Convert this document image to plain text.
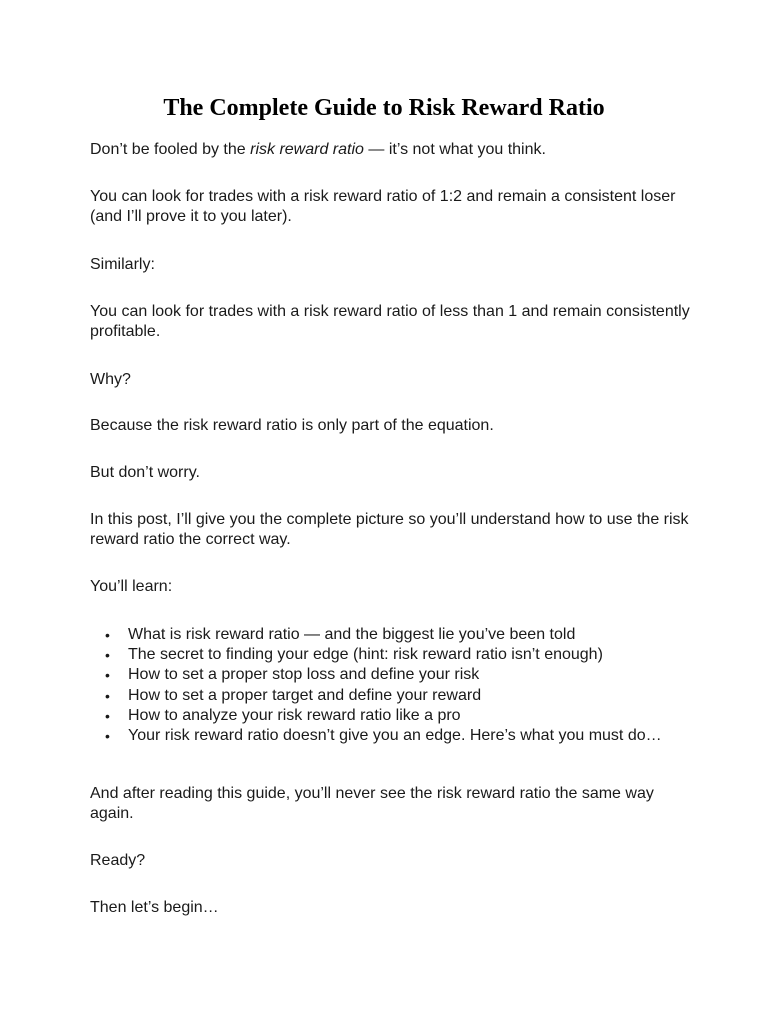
The Complete Guide to Risk Reward Ratio

Don’t be fooled by the risk reward ratio — it’s not what you think.

You can look for trades with a risk reward ratio of 1:2 and remain a consistent loser (and I’ll prove it to you later).

Similarly:

You can look for trades with a risk reward ratio of less than 1 and remain consistently profitable.

Why?

Because the risk reward ratio is only part of the equation.

But don’t worry.

In this post, I’ll give you the complete picture so you’ll understand how to use the risk reward ratio the correct way.

You’ll learn:

• What is risk reward ratio — and the biggest lie you’ve been told
• The secret to finding your edge (hint: risk reward ratio isn’t enough)
• How to set a proper stop loss and define your risk
• How to set a proper target and define your reward
• How to analyze your risk reward ratio like a pro
• Your risk reward ratio doesn’t give you an edge. Here’s what you must do…

And after reading this guide, you’ll never see the risk reward ratio the same way again.

Ready?

Then let’s begin…
